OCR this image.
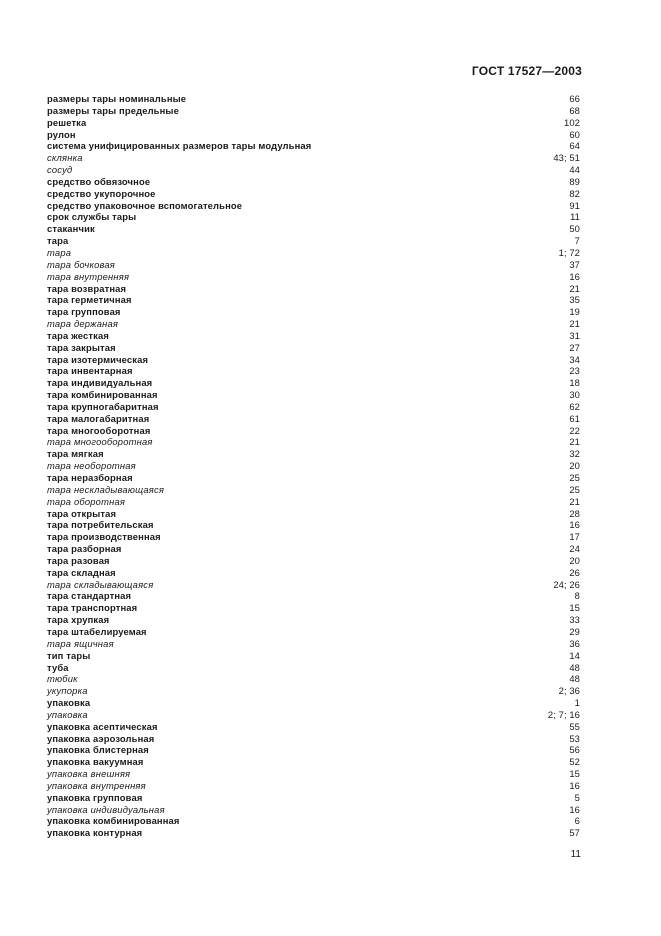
ГОСТ 17527—2003
размеры тары номинальные	66
размеры тары предельные	68
решетка	102
рулон	60
система унифицированных размеров тары модульная	64
склянка	43; 51
сосуд	44
средство обвязочное	89
средство укупорочное	82
средство упаковочное вспомогательное	91
срок службы тары	11
стаканчик	50
тара	7
тара	1; 72
тара бочковая	37
тара внутренняя	16
тара возвратная	21
тара герметичная	35
тара групповая	19
тара держаная	21
тара жесткая	31
тара закрытая	27
тара изотермическая	34
тара инвентарная	23
тара индивидуальная	18
тара комбинированная	30
тара крупногабаритная	62
тара малогабаритная	61
тара многооборотная	22
тара многооборотная	21
тара мягкая	32
тара необоротная	20
тара неразборная	25
тара нескладывающаяся	25
тара оборотная	21
тара открытая	28
тара потребительская	16
тара производственная	17
тара разборная	24
тара разовая	20
тара складная	26
тара складывающаяся	24; 26
тара стандартная	8
тара транспортная	15
тара хрупкая	33
тара штабелируемая	29
тара ящичная	36
тип тары	14
туба	48
тюбик	48
укупорка	2; 36
упаковка	1
упаковка	2; 7; 16
упаковка асептическая	55
упаковка аэрозольная	53
упаковка блистерная	56
упаковка вакуумная	52
упаковка внешняя	15
упаковка внутренняя	16
упаковка групповая	5
упаковка индивидуальная	16
упаковка комбинированная	6
упаковка контурная	57
11
